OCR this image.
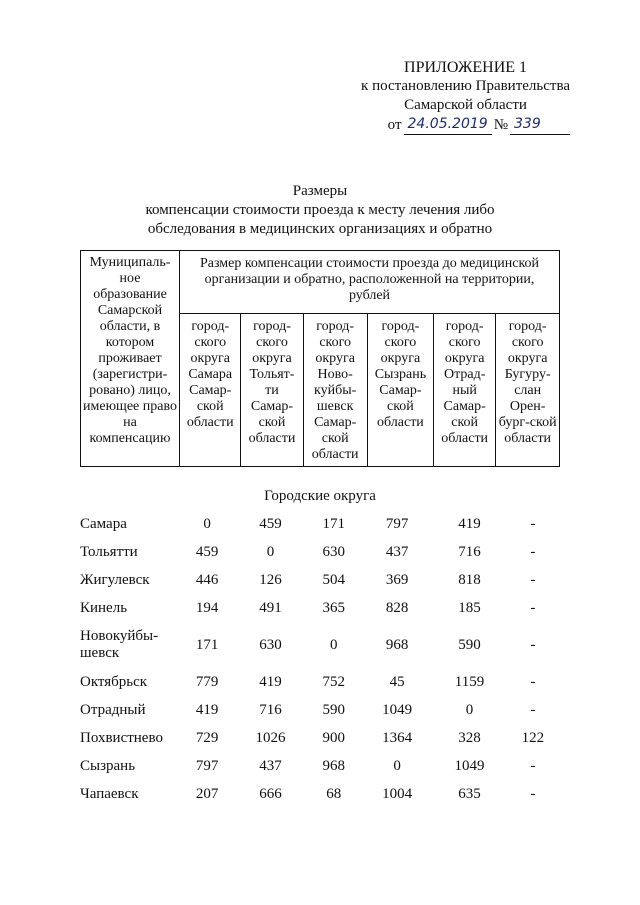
ПРИЛОЖЕНИЕ 1
к постановлению Правительства
Самарской области
от 24.05.2019 № 339
Размеры
компенсации стоимости проезда к месту лечения либо
обследования в медицинских организациях и обратно
Муниципаль-ное образование Самарской области, в котором проживает (зарегистри-ровано) лицо, имеющее право на компенсацию	Размер компенсации стоимости проезда до медицинской организации и обратно, расположенной на территории, рублей					
	город-ского округа Самара Самар-ской области	город-ского округа Тольят-ти Самар-ской области	город-ского округа Ново-куйбы-шевск Самар-ской области	город-ского округа Сызрань Самар-ской области	город-ского округа Отрад-ный Самар-ской области	город-ского округа Бугуру-слан Орен-бург-ской области
Городские округа
Самара	0	459	171	797	419	-
Тольятти	459	0	630	437	716	-
Жигулевск	446	126	504	369	818	-
Кинель	194	491	365	828	185	-
Новокуйбы-шевск	171	630	0	968	590	-
Октябрьск	779	419	752	45	1159	-
Отрадный	419	716	590	1049	0	-
Похвистнево	729	1026	900	1364	328	122
Сызрань	797	437	968	0	1049	-
Чапаевск	207	666	68	1004	635	-
